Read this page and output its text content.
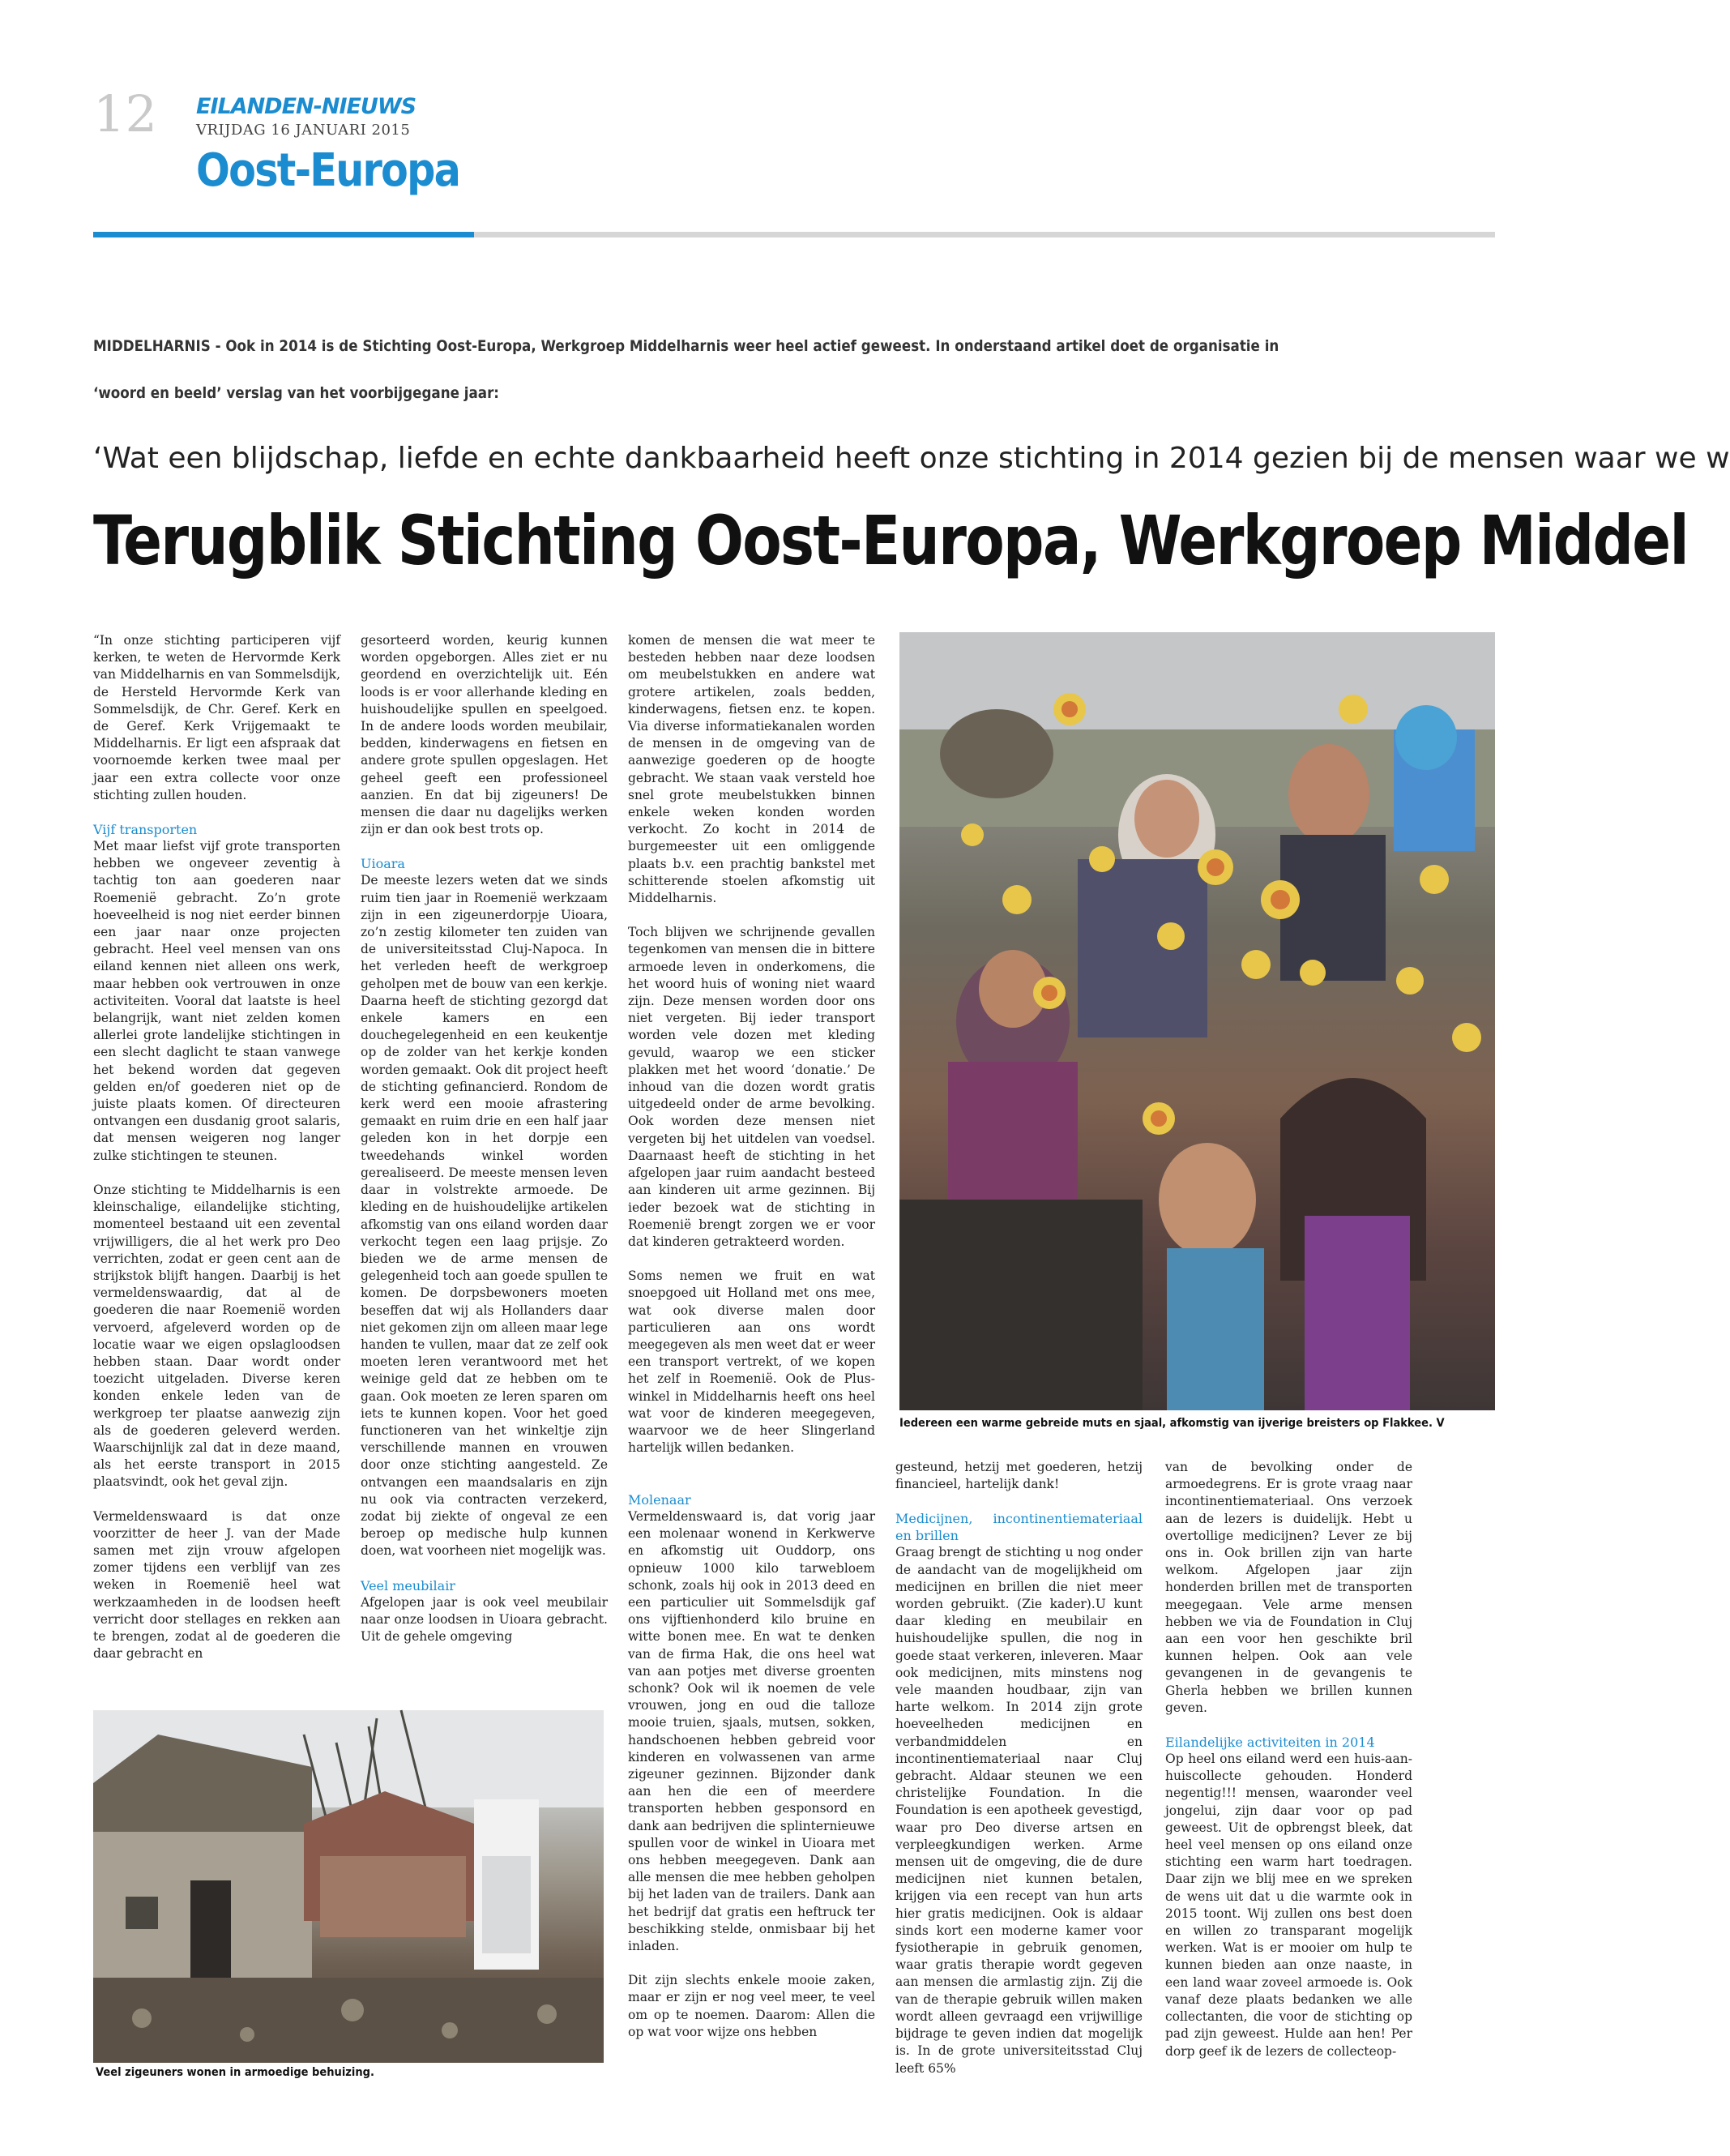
12 EILANDEN-NIEUWS
VRIJDAG 16 JANUARI 2015
Oost-Europa
MIDDELHARNIS - Ook in 2014 is de Stichting Oost-Europa, Werkgroep Middelharnis weer heel actief geweest. In onderstaand artikel doet de organisatie in ‘woord en beeld’ verslag van het voorbijgegane jaar:
‘Wat een blijdschap, liefde en echte dankbaarheid heeft onze stichting in 2014 gezien bij de mensen waar we w
Terugblik Stichting Oost-Europa, Werkgroep Middel

“In onze stichting participeren vijf kerken, te weten de Hervormde Kerk van Middelharnis en van Sommelsdijk, de Hersteld Hervormde Kerk van Sommelsdijk, de Chr. Geref. Kerk en de Geref. Kerk Vrijgemaakt te Middelharnis. Er ligt een afspraak dat voornoemde kerken twee maal per jaar een extra collecte voor onze stichting zullen houden.

Vijf transporten

Met maar liefst vijf grote transporten hebben we ongeveer zeventig à tachtig ton aan goederen naar Roemenië gebracht. Zo’n grote hoeveelheid is nog niet eerder binnen een jaar naar onze projecten gebracht. Heel veel mensen van ons eiland kennen niet alleen ons werk, maar hebben ook vertrouwen in onze activiteiten. Vooral dat laatste is heel belangrijk, want niet zelden komen allerlei grote landelijke stichtingen in een slecht daglicht te staan vanwege het bekend worden dat gegeven gelden en/of goederen niet op de juiste plaats komen. Of directeuren ontvangen een dusdanig groot salaris, dat mensen weigeren nog langer zulke stichtingen te steunen.

Onze stichting te Middelharnis is een kleinschalige, eilandelijke stichting, momenteel bestaand uit een zevental vrijwilligers, die al het werk pro Deo verrichten, zodat er geen cent aan de strijkstok blijft hangen. Daarbij is het vermeldenswaardig, dat al de goederen die naar Roemenië worden vervoerd, afgeleverd worden op de locatie waar we eigen opslagloodsen hebben staan. Daar wordt onder toezicht uitgeladen. Diverse keren konden enkele leden van de werkgroep ter plaatse aanwezig zijn als de goederen geleverd werden. Waarschijnlijk zal dat in deze maand, als het eerste transport in 2015 plaatsvindt, ook het geval zijn.

Vermeldenswaard is dat onze voorzitter de heer J. van der Made samen met zijn vrouw afgelopen zomer tijdens een verblijf van zes weken in Roemenië heel wat werkzaamheden in de loodsen heeft verricht door stellages en rekken aan te brengen, zodat al de goederen die daar gebracht en

gesorteerd worden, keurig kunnen worden opgeborgen. Alles ziet er nu geordend en overzichtelijk uit. Eén loods is er voor allerhande kleding en huishoudelijke spullen en speelgoed. In de andere loods worden meubilair, bedden, kinderwagens en fietsen en andere grote spullen opgeslagen. Het geheel geeft een professioneel aanzien. En dat bij zigeuners! De mensen die daar nu dagelijks werken zijn er dan ook best trots op.

Uioara

De meeste lezers weten dat we sinds ruim tien jaar in Roemenië werkzaam zijn in een zigeunerdorpje Uioara, zo’n zestig kilometer ten zuiden van de universiteitsstad Cluj-Napoca. In het verleden heeft de werkgroep geholpen met de bouw van een kerkje. Daarna heeft de stichting gezorgd dat enkele kamers en een douchegelegenheid en een keukentje op de zolder van het kerkje konden worden gemaakt. Ook dit project heeft de stichting gefinancierd. Rondom de kerk werd een mooie afrastering gemaakt en ruim drie en een half jaar geleden kon in het dorpje een tweedehands winkel worden gerealiseerd. De meeste mensen leven daar in volstrekte armoede. De kleding en de huishoudelijke artikelen afkomstig van ons eiland worden daar verkocht tegen een laag prijsje. Zo bieden we de arme mensen de gelegenheid toch aan goede spullen te komen. De dorpsbewoners moeten beseffen dat wij als Hollanders daar niet gekomen zijn om alleen maar lege handen te vullen, maar dat ze zelf ook moeten leren verantwoord met het weinige geld dat ze hebben om te gaan. Ook moeten ze leren sparen om iets te kunnen kopen. Voor het goed functioneren van het winkeltje zijn verschillende mannen en vrouwen door onze stichting aangesteld. Ze ontvangen een maandsalaris en zijn nu ook via contracten verzekerd, zodat bij ziekte of ongeval ze een beroep op medische hulp kunnen doen, wat voorheen niet mogelijk was.

Veel meubilair

Afgelopen jaar is ook veel meubilair naar onze loodsen in Uioara gebracht. Uit de gehele omgeving

komen de mensen die wat meer te besteden hebben naar deze loodsen om meubelstukken en andere wat grotere artikelen, zoals bedden, kinderwagens, fietsen enz. te kopen. Via diverse informatiekanalen worden de mensen in de omgeving van de aanwezige goederen op de hoogte gebracht. We staan vaak versteld hoe snel grote meubelstukken binnen enkele weken konden worden verkocht. Zo kocht in 2014 de burgemeester uit een omliggende plaats b.v. een prachtig bankstel met schitterende stoelen afkomstig uit Middelharnis.

Toch blijven we schrijnende gevallen tegenkomen van mensen die in bittere armoede leven in onderkomens, die het woord huis of woning niet waard zijn. Deze mensen worden door ons niet vergeten. Bij ieder transport worden vele dozen met kleding gevuld, waarop we een sticker plakken met het woord ‘donatie.’ De inhoud van die dozen wordt gratis uitgedeeld onder de arme bevolking. Ook worden deze mensen niet vergeten bij het uitdelen van voedsel. Daarnaast heeft de stichting in het afgelopen jaar ruim aandacht besteed aan kinderen uit arme gezinnen. Bij ieder bezoek wat de stichting in Roemenië brengt zorgen we er voor dat kinderen getrakteerd worden.

Soms nemen we fruit en wat snoepgoed uit Holland met ons mee, wat ook diverse malen door particulieren aan ons wordt meegegeven als men weet dat er weer een transport vertrekt, of we kopen het zelf in Roemenië. Ook de Plus-winkel in Middelharnis heeft ons heel wat voor de kinderen meegegeven, waarvoor we de heer Slingerland hartelijk willen bedanken.

Molenaar

Vermeldenswaard is, dat vorig jaar een molenaar wonend in Kerkwerve en afkomstig uit Ouddorp, ons opnieuw 1000 kilo tarwebloem schonk, zoals hij ook in 2013 deed en een particulier uit Sommelsdijk gaf ons vijftienhonderd kilo bruine en witte bonen mee. En wat te denken van de firma Hak, die ons heel wat van aan potjes met diverse groenten schonk? Ook wil ik noemen de vele vrouwen, jong en oud die talloze mooie truien, sjaals, mutsen, sokken, handschoenen hebben gebreid voor kinderen en volwassenen van arme zigeuner gezinnen. Bijzonder dank aan hen die een of meerdere transporten hebben gesponsord en dank aan bedrijven die splinternieuwe spullen voor de winkel in Uioara met ons hebben meegegeven. Dank aan alle mensen die mee hebben geholpen bij het laden van de trailers. Dank aan het bedrijf dat gratis een heftruck ter beschikking stelde, onmisbaar bij het inladen.

Dit zijn slechts enkele mooie zaken, maar er zijn er nog veel meer, te veel om op te noemen. Daarom: Allen die op wat voor wijze ons hebben

gesteund, hetzij met goederen, hetzij financieel, hartelijk dank!

Medicijnen, incontinentiemateriaal en brillen

Graag brengt de stichting u nog onder de aandacht van de mogelijkheid om medicijnen en brillen die niet meer worden gebruikt. (Zie kader).U kunt daar kleding en meubilair en huishoudelijke spullen, die nog in goede staat verkeren, inleveren. Maar ook medicijnen, mits minstens nog vele maanden houdbaar, zijn van harte welkom. In 2014 zijn grote hoeveelheden medicijnen en verbandmiddelen en incontinentiemateriaal naar Cluj gebracht. Aldaar steunen we een christelijke Foundation. In die Foundation is een apotheek gevestigd, waar pro Deo diverse artsen en verpleegkundigen werken. Arme mensen uit de omgeving, die de dure medicijnen niet kunnen betalen, krijgen via een recept van hun arts hier gratis medicijnen. Ook is aldaar sinds kort een moderne kamer voor fysiotherapie in gebruik genomen, waar gratis therapie wordt gegeven aan mensen die armlastig zijn. Zij die van de therapie gebruik willen maken wordt alleen gevraagd een vrijwillige bijdrage te geven indien dat mogelijk is. In de grote universiteitsstad Cluj leeft 65%

van de bevolking onder de armoedegrens. Er is grote vraag naar incontinentiemateriaal. Ons verzoek aan de lezers is duidelijk. Hebt u overtollige medicijnen? Lever ze bij ons in. Ook brillen zijn van harte welkom. Afgelopen jaar zijn honderden brillen met de transporten meegegaan. Vele arme mensen hebben we via de Foundation in Cluj aan een voor hen geschikte bril kunnen helpen. Ook aan vele gevangenen in de gevangenis te Gherla hebben we brillen kunnen geven.

Eilandelijke activiteiten in 2014

Op heel ons eiland werd een huis-aan-huiscollecte gehouden. Honderd negentig!!! mensen, waaronder veel jongelui, zijn daar voor op pad geweest. Uit de opbrengst bleek, dat heel veel mensen op ons eiland onze stichting een warm hart toedragen. Daar zijn we blij mee en we spreken de wens uit dat u die warmte ook in 2015 toont. Wij zullen ons best doen en willen zo transparant mogelijk werken. Wat is er mooier om hulp te kunnen bieden aan onze naaste, in een land waar zoveel armoede is. Ook vanaf deze plaats bedanken we alle collectanten, die voor de stichting op pad zijn geweest. Hulde aan hen! Per dorp geef ik de lezers de collecteop-

Iedereen een warme gebreide muts en sjaal, afkomstig van ijverige breisters op Flakkee. V
Veel zigeuners wonen in armoedige behuizing.
